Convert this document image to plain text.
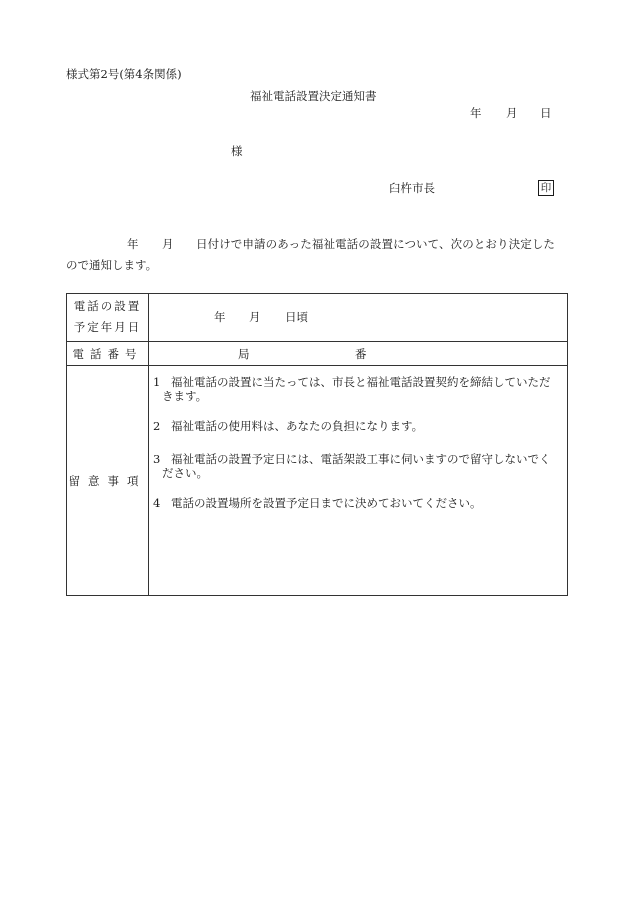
様式第2号(第4条関係)
福祉電話設置決定通知書
年 月 日
様
臼杵市長	印
年 月 日付けで申請のあった福祉電話の設置について、次のとおり決定した
ので通知します。
電話の設置
予定年月日
電話番号
留意事項
年 月 日頃
局	番
1 福祉電話の設置に当たっては、市長と福祉電話設置契約を締結していただ
きます。
2 福祉電話の使用料は、あなたの負担になります。
3 福祉電話の設置予定日には、電話架設工事に伺いますので留守しないでく
ださい。
4 電話の設置場所を設置予定日までに決めておいてください。
